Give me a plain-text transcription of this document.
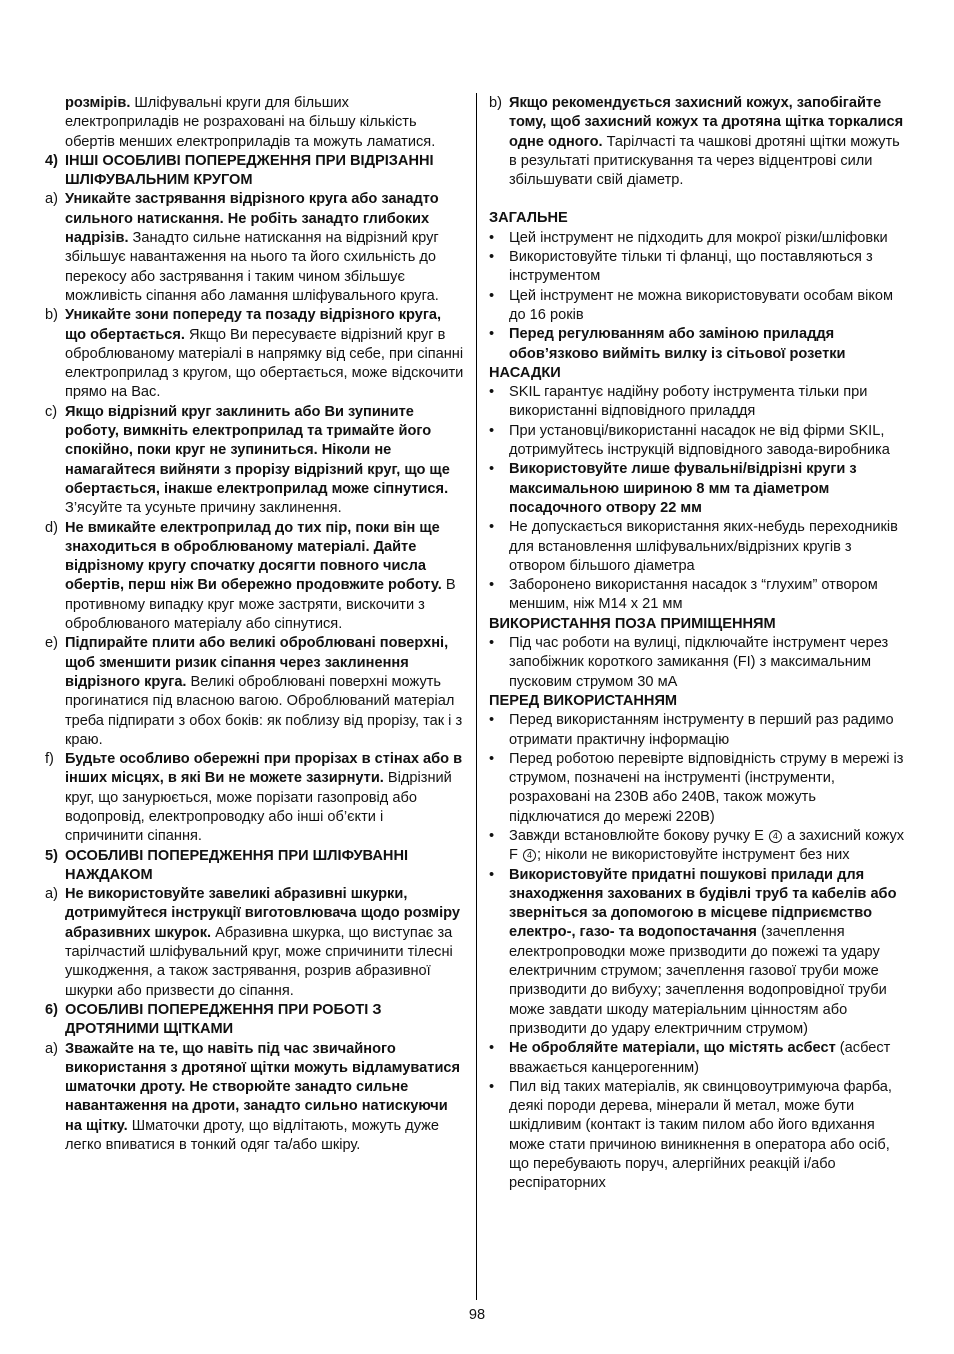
розмірів. Шліфувальні круги для більших електроприладів не розраховані на більшу кількість обертів менших електроприладів та можуть ламатися.

4) ІНШІ ОСОБЛИВІ ПОПЕРЕДЖЕННЯ ПРИ ВІДРІЗАННІ ШЛІФУВАЛЬНИМ КРУГОМ

a) Уникайте застрявання відрізного круга або занадто сильного натискання. Не робіть занадто глибоких надрізів. Занадто сильне натискання на відрізний круг збільшує навантаження на нього та його схильність до перекосу або застрявання і таким чином збільшує можливість сіпання або ламання шліфувального круга.

b) Уникайте зони попереду та позаду відрізного круга, що обертається. Якщо Ви пересуваєте відрізний круг в оброблюваному матеріалі в напрямку від себе, при сіпанні електроприлад з кругом, що обертається, може відскочити прямо на Вас.

c) Якщо відрізний круг заклинить або Ви зупините роботу, вимкніть електроприлад та тримайте його спокійно, поки круг не зупиниться. Ніколи не намагайтеся вийняти з прорізу відрізний круг, що ще обертається, інакше електроприлад може сіпнутися. З’ясуйте та усуньте причину заклинення.

d) Не вмикайте електроприлад до тих пір, поки він ще знаходиться в оброблюваному матеріалі. Дайте відрізному кругу спочатку досягти повного числа обертів, перш ніж Ви обережно продовжите роботу. В противному випадку круг може застряти, вискочити з оброблюваного матеріалу або сіпнутися.

e) Підпирайте плити або великі оброблювані поверхні, щоб зменшити ризик сіпання через заклинення відрізного круга. Великі оброблювані поверхні можуть прогинатися під власною вагою. Оброблюваний матеріал треба підпирати з обох боків: як поблизу від прорізу, так і з краю.

f) Будьте особливо обережні при прорізах в стінах або в інших місцях, в які Ви не можете зазирнути. Відрізний круг, що занурюється, може порізати газопровід або водопровід, електропроводку або інші об’єкти і спричинити сіпання.

5) ОСОБЛИВІ ПОПЕРЕДЖЕННЯ ПРИ ШЛІФУВАННІ НАЖДАКОМ

a) Не використовуйте завеликі абразивні шкурки, дотримуйтеся інструкції виготовлювача щодо розміру абразивних шкурок. Абразивна шкурка, що виступає за тарілчастий шліфувальний круг, може спричинити тілесні ушкодження, а також застрявання, розрив абразивної шкурки або призвести до сіпання.

6) ОСОБЛИВІ ПОПЕРЕДЖЕННЯ ПРИ РОБОТІ З ДРОТЯНИМИ ЩІТКАМИ

a) Зважайте на те, що навіть під час звичайного використання з дротяної щітки можуть відламуватися шматочки дроту. Не створюйте занадто сильне навантаження на дроти, занадто сильно натискуючи на щітку. Шматочки дроту, що відлітають, можуть дуже легко впиватися в тонкий одяг та/або шкіру.

b) Якщо рекомендується захисний кожух, запобігайте тому, щоб захисний кожух та дротяна щітка торкалися одне одного. Тарілчасті та чашкові дротяні щітки можуть в результаті притискування та через відцентрові сили збільшувати свій діаметр.

ЗАГАЛЬНЕ

• Цей інструмент не підходить для мокрої різки/шліфовки

• Використовуйте тільки ті фланці, що поставляються з інструментом

• Цей інструмент не можна використовувати особам віком до 16 років

• Перед регулюванням або заміною приладдя обов’язково вийміть вилку із сітьової розетки

НАСАДКИ

• SKIL гарантує надійну роботу інструмента тільки при використанні відповідного приладдя

• При установці/використанні насадок не від фірми SKIL, дотримуйтесь інструкцій відповідного завода-виробника

• Використовуйте лише фувальні/відрізні круги з максимальною шириною 8 мм та діаметром посадочного отвору 22 мм

• Не допускається використання яких-небудь переходників для встановлення шліфувальних/відрізних кругів з отвором більшого діаметра

• Заборонено використання насадок з “глухим” отвором меншим, ніж M14 x 21 мм

ВИКОРИСТАННЯ ПОЗА ПРИМІЩЕННЯМ

• Під час роботи на вулиці, підключайте інструмент через запобіжник короткого замикання (FI) з максимальним пусковим струмом 30 мА

ПЕРЕД ВИКОРИСТАННЯМ

• Перед використанням інструменту в перший раз радимо отримати практичну інформацію

• Перед роботою перевірте відповідність струму в мережі із струмом, позначені на інструменті (інструменти, розраховані на 230В або 240В, також можуть підключатися до мережі 220В)

• Завжди встановлюйте бокову ручку E 4 а захисний кожух F 4 ; ніколи не використовуйте інструмент без них

• Використовуйте придатні пошукові прилади для знаходження захованих в будівлі труб та кабелів або зверніться за допомогою в місцеве підприємство електро-, газо- та водопостачання (зачеплення електропроводки може призводити до пожежі та удару електричним струмом; зачеплення газової труби може призводити до вибуху; зачеплення водопровідної труби може завдати шкоду матеріальним цінностям або призводити до удару електричним струмом)

• Не обробляйте матеріали, що містять асбест (асбест вважається канцерогенним)

• Пил від таких матеріалів, як свинцовоутримуюча фарба, деякі породи дерева, мінерали й метал, може бути шкідливим (контакт із таким пилом або його вдихання може стати причиною виникнення в оператора або осіб, що перебувають поруч, алергійних реакцій і/або респіраторних

98
